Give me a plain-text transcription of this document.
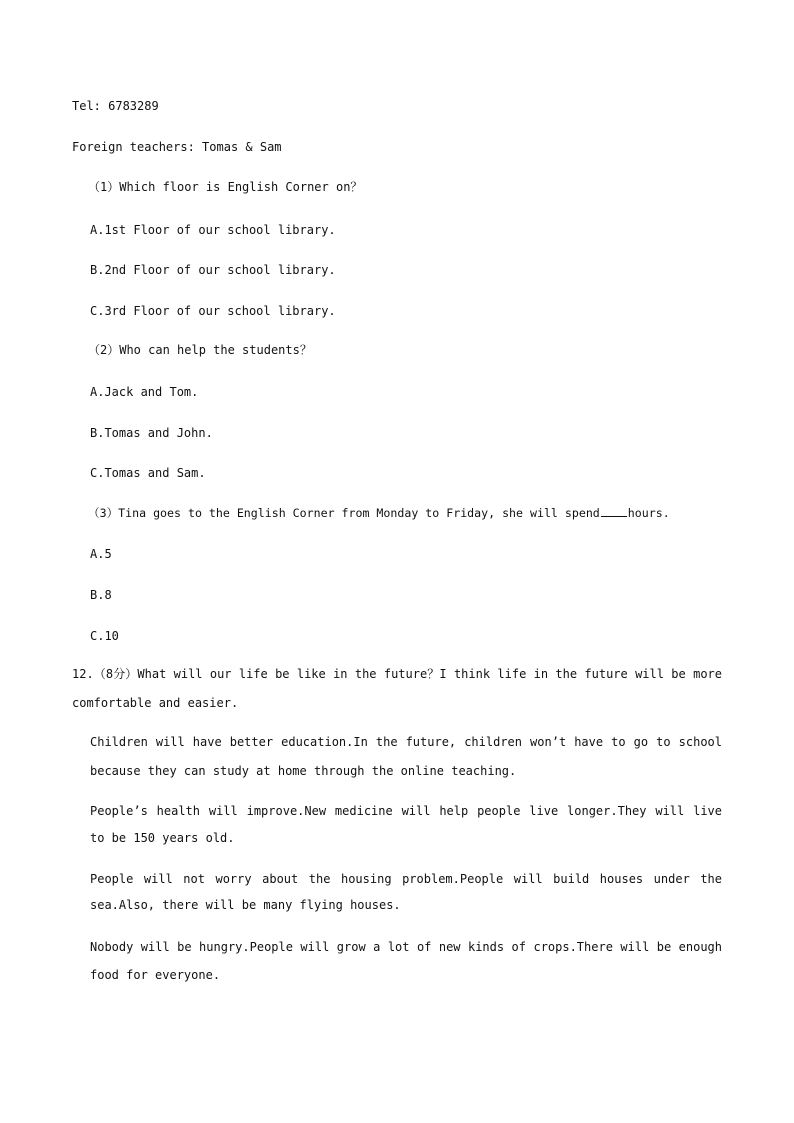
Tel: 6783289
Foreign teachers: Tomas & Sam
（1）Which floor is English Corner on？
A.1st Floor of our school library.
B.2nd Floor of our school library.
C.3rd Floor of our school library.
（2）Who can help the students？
A.Jack and Tom.
B.Tomas and John.
C.Tomas and Sam.
（3）Tina goes to the English Corner from Monday to Friday, she will spend hours.
A.5
B.8
C.10
12.（8分）What will our life be like in the future？I think life in the future will be more comfortable and easier.
Children will have better education.In the future, children won’t have to go to school because they can study at home through the online teaching.
People’s health will improve.New medicine will help people live longer.They will live to be 150 years old.
People will not worry about the housing problem.People will build houses under the sea.Also, there will be many flying houses.
Nobody will be hungry.People will grow a lot of new kinds of crops.There will be enough food for everyone.
